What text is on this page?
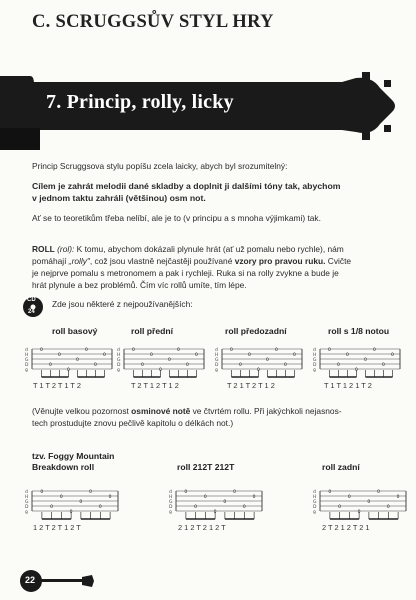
C. SCRUGGSŮV STYL HRY
7. Princip, rolly, licky
Princip Scruggsova stylu popíšu zcela laicky, abych byl srozumitelný:
Cílem je zahrát melodii dané skladby a doplnit ji dalšími tóny tak, abychom
v jednom taktu zahráli (většinou) osm not.
Ať se to teoretikům třeba nelíbí, ale je to (v principu a s mnoha výjimkami) tak.
ROLL (rol): K tomu, abychom dokázali plynule hrát (ať už pomalu nebo rychle), nám
pomáhají „rolly", což jsou vlastně nejčastěji používané vzory pro pravou ruku. Cvičte
je nejprve pomalu s metronomem a pak i rychleji. Ruka si na rolly zvykne a bude je
hrát plynule a bez problémů. Čím víc rollů umíte, tím lépe.
CD
24
Zde jsou některé z nejpoužívanějších:
roll basový	roll přední	roll předozadní	roll s 1/8 notou
d
H
G
D
g
0
0
0
0
0
0
0
0
d
H
G
D
g
0
0
0
0
0
0
0
0
d
H
G
D
g
0
0
0
0
0
0
0
0
d
H
G
D
g
0
0
0
0
0
0
0
0
T 1 T 2 T 1 T 2	T 2 T 1 2 T 1 2	T 2 1 T 2 T 1 2	T 1 T 1 2 1 T 2
(Věnujte velkou pozornost osminové notě ve čtvrtém rollu. Při jakýchkoli nejasnos-
tech prostudujte znovu pečlivě kapitolu o délkách not.)
tzv. Foggy Mountain
Breakdown roll	roll 212T 212T	roll zadní
d
H
G
D
g
0
0
0
0
0
0
0
0
d
H
G
D
g
0
0
0
0
0
0
0
0
d
H
G
D
g
0
0
0
0
0
0
0
0
1 2 T 2 T 1 2 T	2 1 2 T 2 1 2 T	2 T 2 1 2 T 2 1
22
